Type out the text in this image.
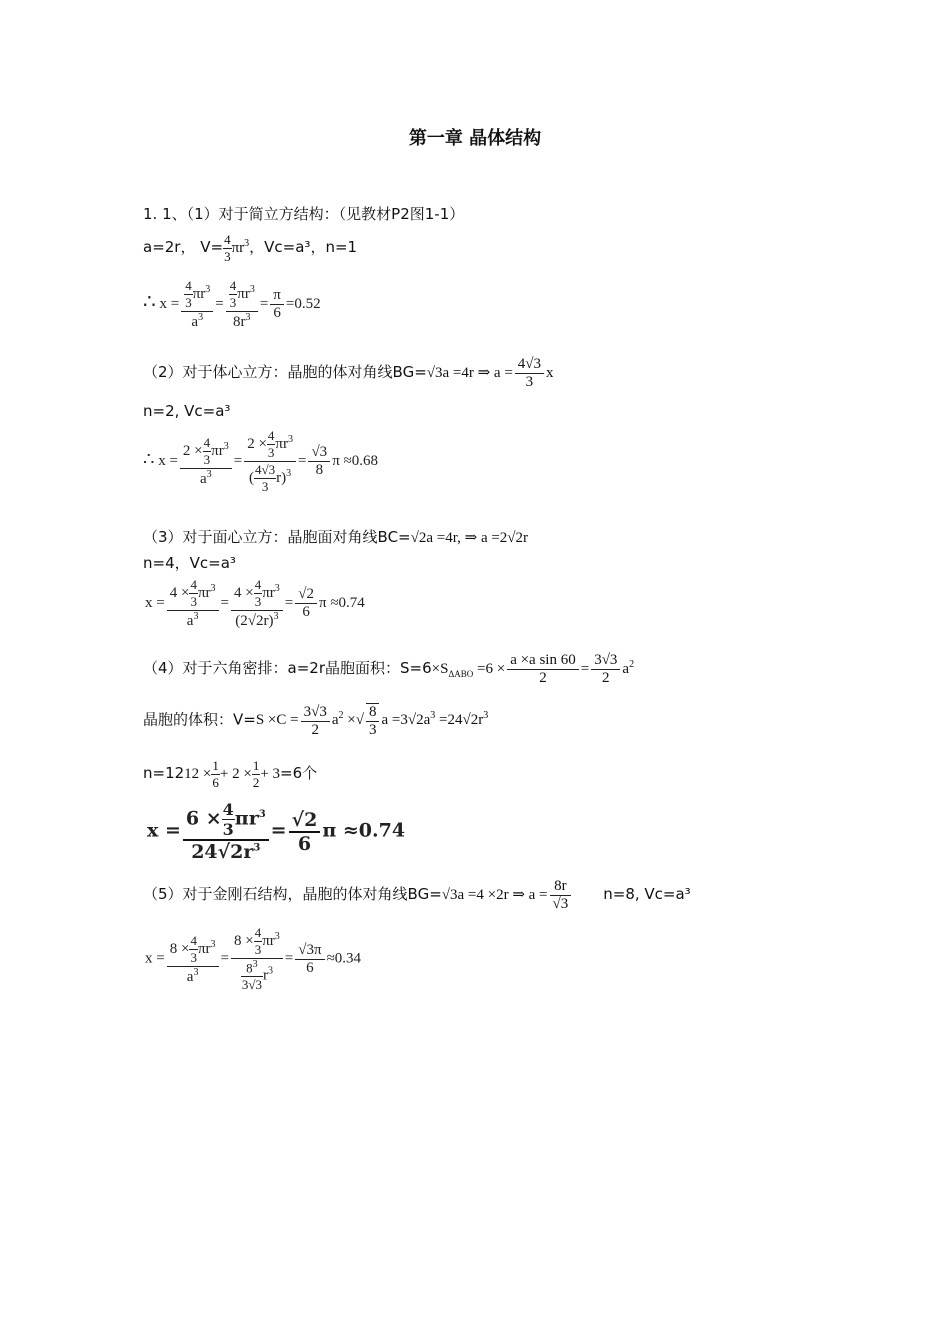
第一章 晶体结构
1. 1、（1）对于简立方结构：（见教材P2图1-1）
a=2r， $V= \frac{4}{3} \pi r^3$，Vc=a³，n=1
∴ $x = \frac{\frac{4}{3} \pi r^3}{a^3} = \frac{\frac{4}{3} \pi r^3}{8r^3} = \frac{\pi}{6} =0.52$
（2）对于体心立方：晶胞的体对角线BG=√3a =4r ⇒ $a = \frac{4√3}{3}$ x
n=2, Vc=a³
∴ $x = \frac{2 \times \frac{4}{3} \pi r^3}{a^3} = \frac{2 \times \frac{4}{3} \pi r^3}{( \frac{4√3}{3} r)^3} = \frac{√3}{8}$ π ≈0.68
（3）对于面心立方：晶胞面对角线BC=√2a =4r, ⇒ a =2√2r
n=4，Vc=a³
$x = \frac{4 \times \frac{4}{3} \pi r^3}{a^3} = \frac{4 \times \frac{4}{3} \pi r^3}{(2√2r)^3} = \frac{√2}{6}$ π ≈0.74
（4）对于六角密排：a=2r晶胞面积：$S=6\times S_{\Delta ABO} =6 \times \frac{\text{a ×a sin 60}}{2} = \frac{3√3}{2} a^2$
晶胞的体积：$V=S \times C = \frac{3√3}{2} a^2$ ×√ $\frac{8}{3}$ $a =3√2a^3 =24√2r^3$
$n=1212 \times \frac{1}{6} + 2 \times \frac{1}{2} + 3=6$个
$x = \frac{6 \times \frac{4}{3} \pi r^3}{24√2r^3} = \frac{√2}{6}$ π ≈0.74
（5）对于金刚石结构，晶胞的体对角线BG=√3a =4 ×2r ⇒ $a = \frac{8r}{√3} n=8$, Vc=a³
$x = \frac{8 \times \frac{4}{3} \pi r^3}{a^3} = \frac{8 \times \frac{4}{3} \pi r^3}{\frac{8^3}{3√3} r^3} = \frac{√3\pi}{6} \approx 0.34$
